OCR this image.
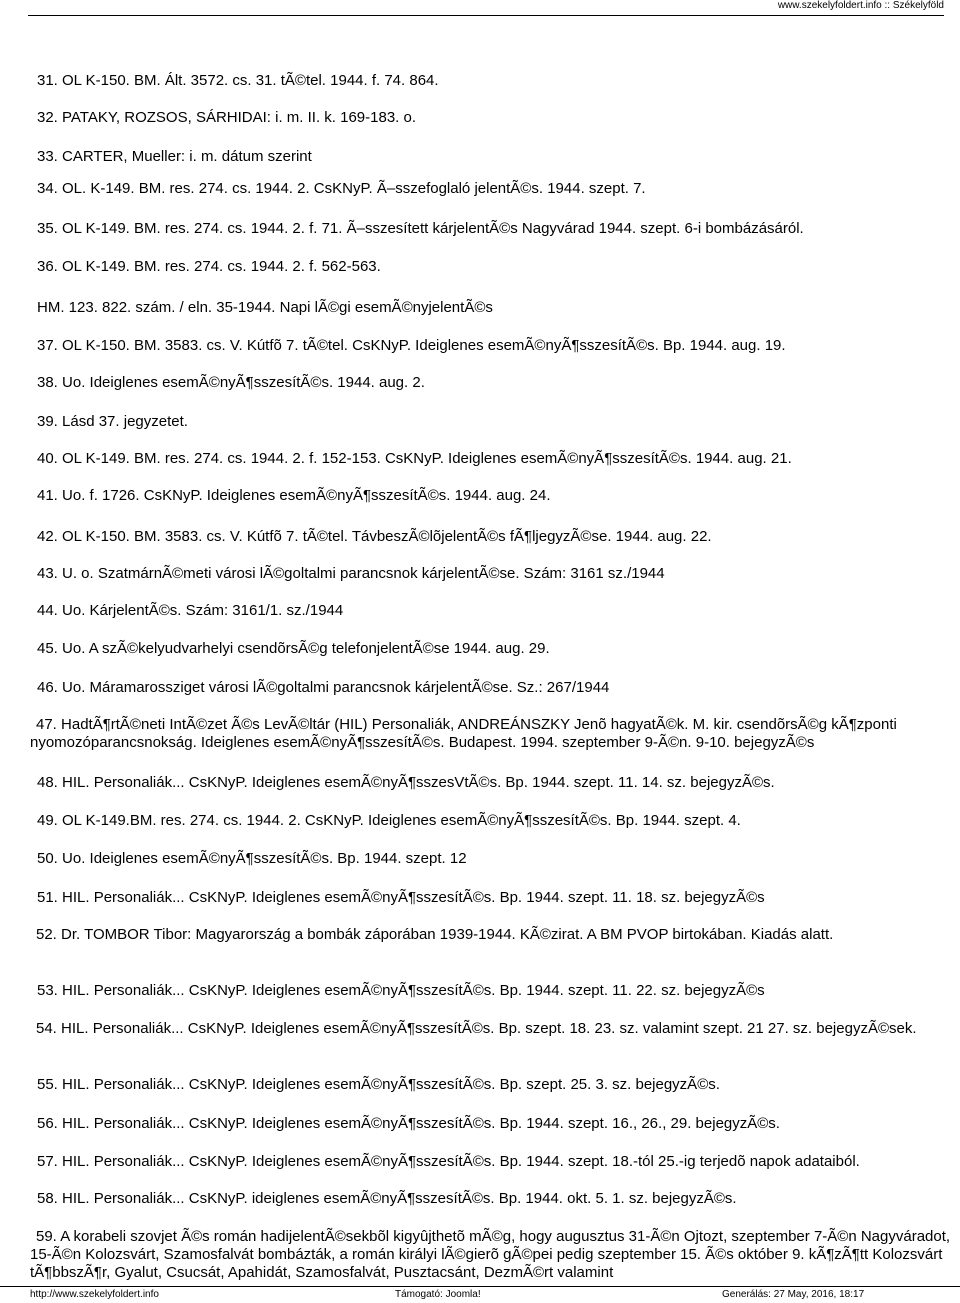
www.szekelyfoldert.info :: Székelyföld
31. OL K-150. BM. Ált. 3572. cs. 31. tÃ©tel. 1944. f. 74. 864.
32. PATAKY, ROZSOS, SÁRHIDAI: i. m. II. k. 169-183. o.
33. CARTER, Mueller: i. m. dátum szerint
34. OL. K-149. BM. res. 274. cs. 1944. 2. CsKNyP. Ã–sszefoglaló jelentÃ©s. 1944. szept. 7.
35. OL K-149. BM. res. 274. cs. 1944. 2. f. 71. Ã–sszesített kárjelentÃ©s Nagyvárad 1944. szept. 6-i bombázásáról.
36. OL K-149. BM. res. 274. cs. 1944. 2. f. 562-563.
HM. 123. 822. szám. / eln. 35-1944. Napi lÃ©gi esemÃ©nyjelentÃ©s
37. OL K-150. BM. 3583. cs. V. Kútfõ 7. tÃ©tel. CsKNyP. Ideiglenes esemÃ©nyÃ¶sszesítÃ©s. Bp. 1944. aug. 19.
38. Uo. Ideiglenes esemÃ©nyÃ¶sszesítÃ©s. 1944. aug. 2.
39. Lásd 37. jegyzetet.
40. OL K-149. BM. res. 274. cs. 1944. 2. f. 152-153. CsKNyP. Ideiglenes esemÃ©nyÃ¶sszesítÃ©s. 1944. aug. 21.
41. Uo. f. 1726. CsKNyP. Ideiglenes esemÃ©nyÃ¶sszesítÃ©s. 1944. aug. 24.
42. OL K-150. BM. 3583. cs. V. Kútfõ 7. tÃ©tel. TávbeszÃ©lõjelentÃ©s fÃ¶ljegyzÃ©se. 1944. aug. 22.
43. U. o. SzatmárnÃ©meti városi lÃ©goltalmi parancsnok kárjelentÃ©se. Szám: 3161 sz./1944
44. Uo. KárjelentÃ©s. Szám: 3161/1. sz./1944
45. Uo. A szÃ©kelyudvarhelyi csendõrsÃ©g telefonjelentÃ©se 1944. aug. 29.
46. Uo. Máramarossziget városi lÃ©goltalmi parancsnok kárjelentÃ©se. Sz.: 267/1944
47. HadtÃ¶rtÃ©neti IntÃ©zet Ã©s LevÃ©ltár (HIL) Personaliák, ANDREÁNSZKY Jenõ hagyatÃ©k. M. kir. csendõrsÃ©g kÃ¶zponti nyomozóparancsnokság. Ideiglenes esemÃ©nyÃ¶sszesítÃ©s. Budapest. 1994. szeptember 9-Ã©n. 9-10. bejegyzÃ©s
48. HIL. Personaliák... CsKNyP. Ideiglenes esemÃ©nyÃ¶sszesVtÃ©s. Bp. 1944. szept. 11. 14. sz. bejegyzÃ©s.
49. OL K-149.BM. res. 274. cs. 1944. 2. CsKNyP. Ideiglenes esemÃ©nyÃ¶sszesítÃ©s. Bp. 1944. szept. 4.
50. Uo. Ideiglenes esemÃ©nyÃ¶sszesítÃ©s. Bp. 1944. szept. 12
51. HIL. Personaliák... CsKNyP. Ideiglenes esemÃ©nyÃ¶sszesítÃ©s. Bp. 1944. szept. 11. 18. sz. bejegyzÃ©s
52. Dr. TOMBOR Tibor: Magyarország a bombák záporában 1939-1944. KÃ©zirat. A BM PVOP birtokában. Kiadás alatt.
53. HIL. Personaliák... CsKNyP. Ideiglenes esemÃ©nyÃ¶sszesítÃ©s. Bp. 1944. szept. 11. 22. sz. bejegyzÃ©s
54. HIL. Personaliák... CsKNyP. Ideiglenes esemÃ©nyÃ¶sszesítÃ©s. Bp. szept. 18. 23. sz. valamint szept. 21 27. sz. bejegyzÃ©sek.
55. HIL. Personaliák... CsKNyP. Ideiglenes esemÃ©nyÃ¶sszesítÃ©s. Bp. szept. 25. 3. sz. bejegyzÃ©s.
56. HIL. Personaliák... CsKNyP. Ideiglenes esemÃ©nyÃ¶sszesítÃ©s. Bp. 1944. szept. 16., 26., 29. bejegyzÃ©s.
57. HIL. Personaliák... CsKNyP. Ideiglenes esemÃ©nyÃ¶sszesítÃ©s. Bp. 1944. szept. 18.-tól 25.-ig terjedõ napok adataiból.
58. HIL. Personaliák... CsKNyP. ideiglenes esemÃ©nyÃ¶sszesítÃ©s. Bp. 1944. okt. 5. 1. sz. bejegyzÃ©s.
59. A korabeli szovjet Ã©s román hadijelentÃ©sekbõl kigyûjthetõ mÃ©g, hogy augusztus 31-Ã©n Ojtozt, szeptember 7-Ã©n Nagyváradot, 15-Ã©n Kolozsvárt, Szamosfalvát bombázták, a román királyi lÃ©gierõ gÃ©pei pedig szeptember 15. Ã©s október 9. kÃ¶zÃ¶tt Kolozsvárt tÃ¶bbszÃ¶r, Gyalut, Csucsát, Apahidát, Szamosfalvát, Pusztacsánt, DezmÃ©rt valamint
http://www.szekelyfoldert.info	Támogató: Joomla!	Generálás: 27 May, 2016, 18:17
